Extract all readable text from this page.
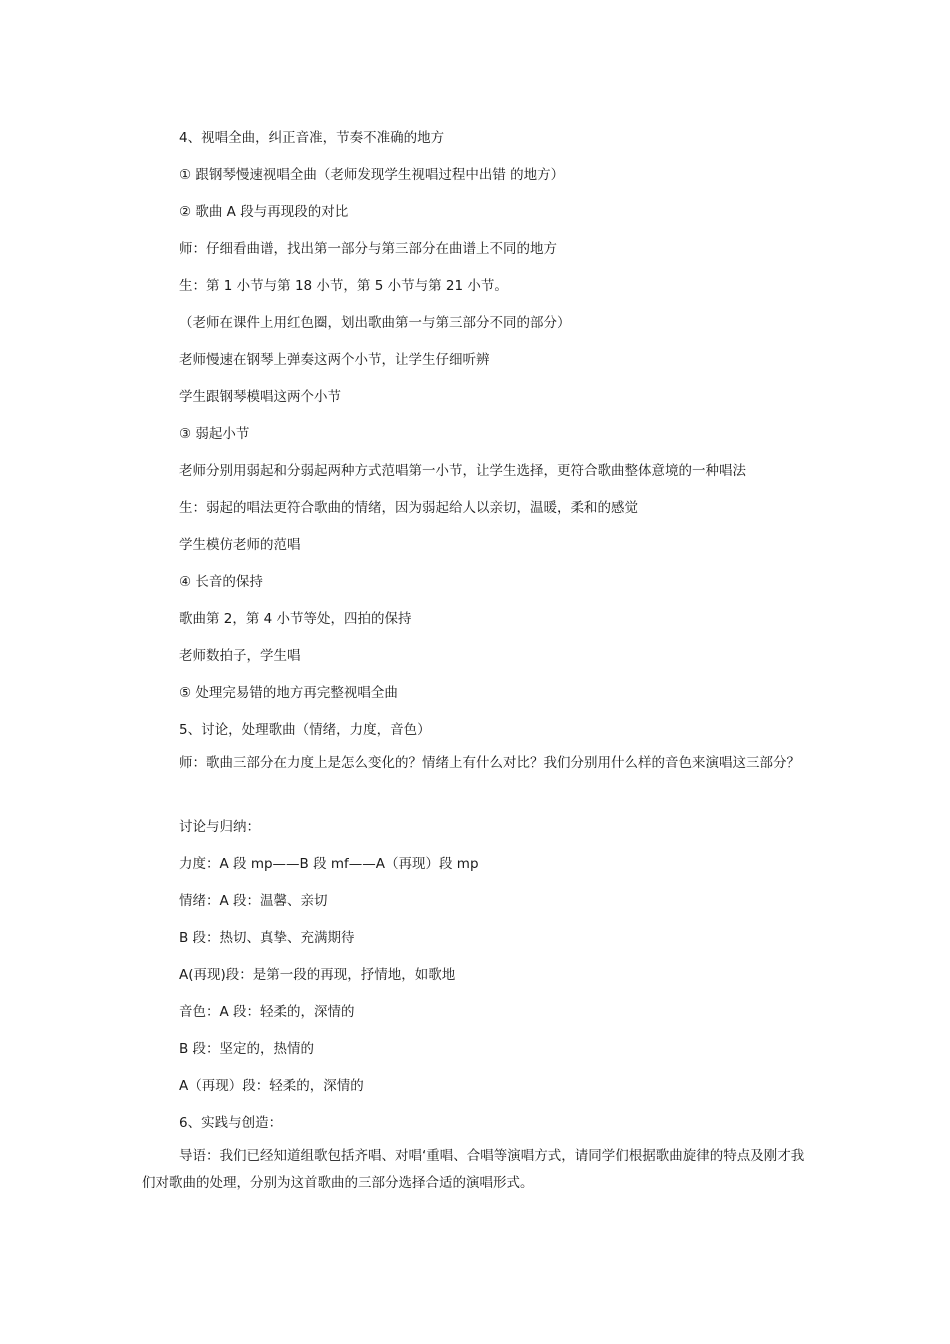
4、视唱全曲，纠正音准，节奏不准确的地方
① 跟钢琴慢速视唱全曲（老师发现学生视唱过程中出错 的地方）
② 歌曲 A 段与再现段的对比
师：仔细看曲谱，找出第一部分与第三部分在曲谱上不同的地方
生：第 1 小节与第 18 小节，第 5 小节与第 21 小节。
（老师在课件上用红色圈，划出歌曲第一与第三部分不同的部分）
老师慢速在钢琴上弹奏这两个小节，让学生仔细听辨
学生跟钢琴模唱这两个小节
③ 弱起小节
老师分别用弱起和分弱起两种方式范唱第一小节，让学生选择，更符合歌曲整体意境的一种唱法
生：弱起的唱法更符合歌曲的情绪，因为弱起给人以亲切，温暖，柔和的感觉
学生模仿老师的范唱
④ 长音的保持
歌曲第 2，第 4 小节等处，四拍的保持
老师数拍子，学生唱
⑤ 处理完易错的地方再完整视唱全曲
5、讨论，处理歌曲（情绪，力度，音色）
师：歌曲三部分在力度上是怎么变化的？情绪上有什么对比？我们分别用什么样的音色来演唱这三部分？
讨论与归纳：
力度：A 段 mp——B 段 mf——A（再现）段 mp
情绪：A 段：温馨、亲切
B 段：热切、真挚、充满期待
A(再现)段：是第一段的再现，抒情地，如歌地
音色：A 段：轻柔的，深情的
B 段：坚定的，热情的
A（再现）段：轻柔的，深情的
6、实践与创造：
导语：我们已经知道组歌包括齐唱、对唱‘重唱、合唱等演唱方式，请同学们根据歌曲旋律的特点及刚才我们对歌曲的处理，分别为这首歌曲的三部分选择合适的演唱形式。
